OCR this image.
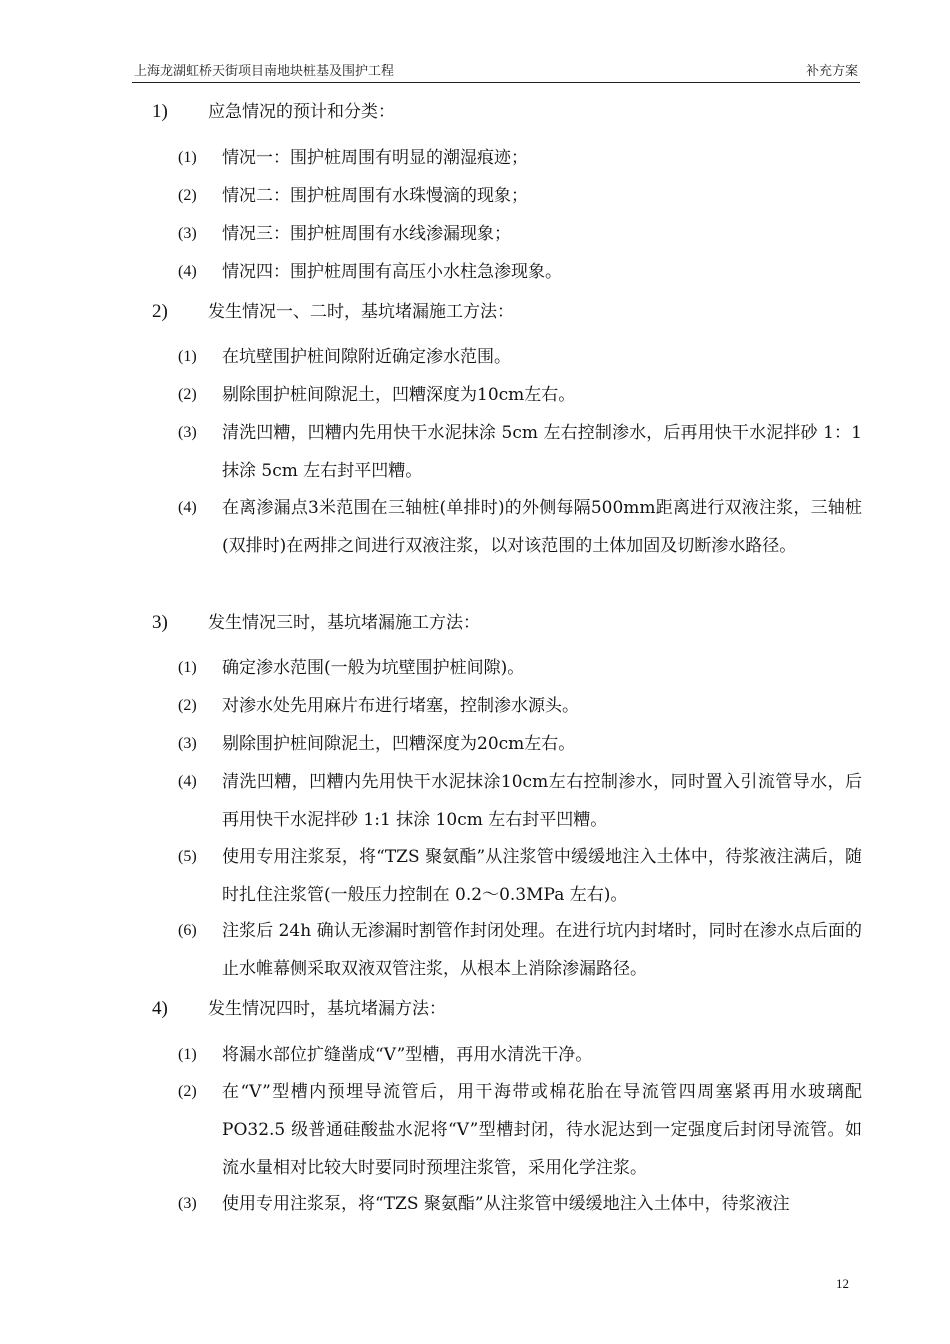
上海龙湖虹桥天街项目南地块桩基及围护工程	补充方案
1) 应急情况的预计和分类：
(1) 情况一：围护桩周围有明显的潮湿痕迹；
(2) 情况二：围护桩周围有水珠慢滴的现象；
(3) 情况三：围护桩周围有水线渗漏现象；
(4) 情况四：围护桩周围有高压小水柱急渗现象。
2) 发生情况一、二时，基坑堵漏施工方法：
(1) 在坑壁围护桩间隙附近确定渗水范围。
(2) 剔除围护桩间隙泥土，凹糟深度为10cm左右。
(3) 清洗凹糟，凹糟内先用快干水泥抹涂 5cm 左右控制渗水，后再用快干水泥拌砂 1：1 抹涂 5cm 左右封平凹糟。
(4) 在离渗漏点3米范围在三轴桩(单排时)的外侧每隔500mm距离进行双液注浆，三轴桩(双排时)在两排之间进行双液注浆，以对该范围的土体加固及切断渗水路径。
3) 发生情况三时，基坑堵漏施工方法：
(1) 确定渗水范围(一般为坑壁围护桩间隙)。
(2) 对渗水处先用麻片布进行堵塞，控制渗水源头。
(3) 剔除围护桩间隙泥土，凹糟深度为20cm左右。
(4) 清洗凹糟，凹糟内先用快干水泥抹涂10cm左右控制渗水，同时置入引流管导水，后再用快干水泥拌砂 1:1 抹涂 10cm 左右封平凹糟。
(5) 使用专用注浆泵，将“TZS 聚氨酯”从注浆管中缓缓地注入土体中，待浆液注满后，随时扎住注浆管(一般压力控制在 0.2～0.3MPa 左右)。
(6) 注浆后 24h 确认无渗漏时割管作封闭处理。在进行坑内封堵时，同时在渗水点后面的止水帷幕侧采取双液双管注浆，从根本上消除渗漏路径。
4) 发生情况四时，基坑堵漏方法：
(1) 将漏水部位扩缝凿成“V”型槽，再用水清洗干净。
(2) 在“V”型槽内预埋导流管后，用干海带或棉花胎在导流管四周塞紧再用水玻璃配 PO32.5 级普通硅酸盐水泥将“V”型槽封闭，待水泥达到一定强度后封闭导流管。如流水量相对比较大时要同时预埋注浆管，采用化学注浆。
(3) 使用专用注浆泵，将“TZS 聚氨酯”从注浆管中缓缓地注入土体中，待浆液注
12
